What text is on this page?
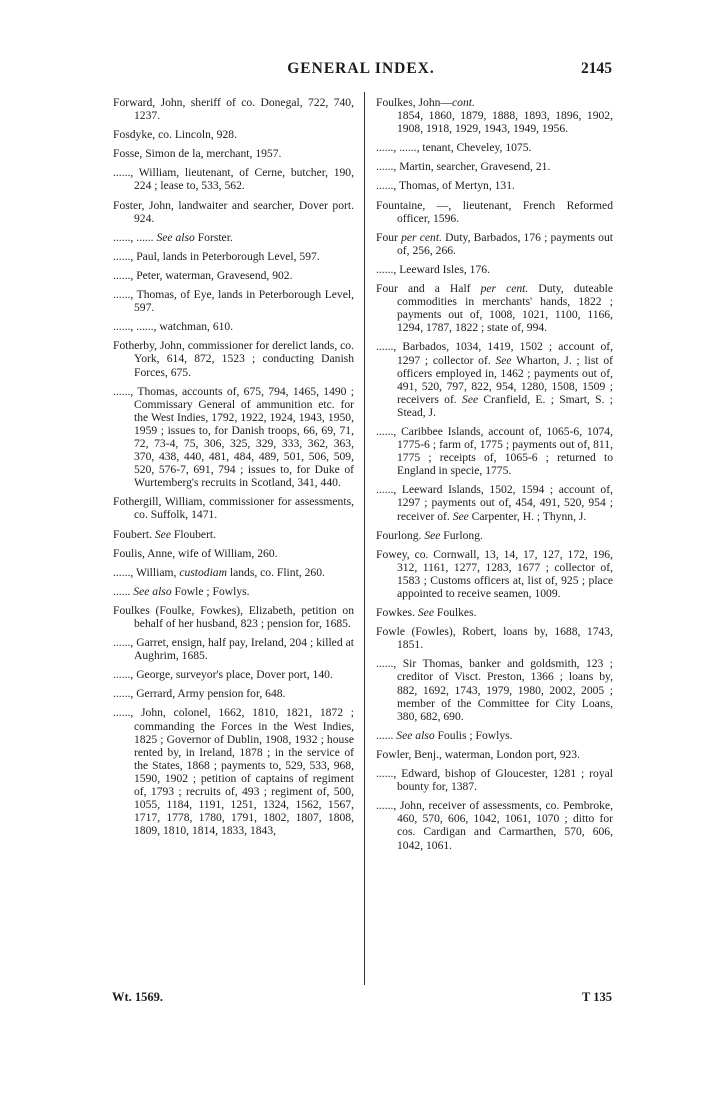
GENERAL INDEX.	2145

Forward, John, sheriff of co. Donegal, 722, 740, 1237.

Fosdyke, co. Lincoln, 928.

Fosse, Simon de la, merchant, 1957.

......, William, lieutenant, of Cerne, butcher, 190, 224 ; lease to, 533, 562.

Foster, John, landwaiter and searcher, Dover port. 924.

......, ...... See also Forster.

......, Paul, lands in Peterborough Level, 597.

......, Peter, waterman, Gravesend, 902.

......, Thomas, of Eye, lands in Peterborough Level, 597.

......, ......, watchman, 610.

Fotherby, John, commissioner for derelict lands, co. York, 614, 872, 1523 ; conducting Danish Forces, 675.

......, Thomas, accounts of, 675, 794, 1465, 1490 ; Commissary General of ammunition etc. for the West Indies, 1792, 1922, 1924, 1943, 1950, 1959 ; issues to, for Danish troops, 66, 69, 71, 72, 73-4, 75, 306, 325, 329, 333, 362, 363, 370, 438, 440, 481, 484, 489, 501, 506, 509, 520, 576-7, 691, 794 ; issues to, for Duke of Wurtemberg's recruits in Scotland, 341, 440.

Fothergill, William, commissioner for assessments, co. Suffolk, 1471.

Foubert. See Floubert.

Foulis, Anne, wife of William, 260.

......, William, custodiam lands, co. Flint, 260.

...... See also Fowle ; Fowlys.

Foulkes (Foulke, Fowkes), Elizabeth, petition on behalf of her husband, 823 ; pension for, 1685.

......, Garret, ensign, half pay, Ireland, 204 ; killed at Aughrim, 1685.

......, George, surveyor's place, Dover port, 140.

......, Gerrard, Army pension for, 648.

......, John, colonel, 1662, 1810, 1821, 1872 ; commanding the Forces in the West Indies, 1825 ; Governor of Dublin, 1908, 1932 ; house rented by, in Ireland, 1878 ; in the service of the States, 1868 ; payments to, 529, 533, 968, 1590, 1902 ; petition of captains of regiment of, 1793 ; recruits of, 493 ; regiment of, 500, 1055, 1184, 1191, 1251, 1324, 1562, 1567, 1717, 1778, 1780, 1791, 1802, 1807, 1808, 1809, 1810, 1814, 1833, 1843,

Foulkes, John—cont.

1854, 1860, 1879, 1888, 1893, 1896, 1902, 1908, 1918, 1929, 1943, 1949, 1956.

......, ......, tenant, Cheveley, 1075.

......, Martin, searcher, Gravesend, 21.

......, Thomas, of Mertyn, 131.

Fountaine, —, lieutenant, French Reformed officer, 1596.

Four per cent. Duty, Barbados, 176 ; payments out of, 256, 266.

......, Leeward Isles, 176.

Four and a Half per cent. Duty, duteable commodities in merchants' hands, 1822 ; payments out of, 1008, 1021, 1100, 1166, 1294, 1787, 1822 ; state of, 994.

......, Barbados, 1034, 1419, 1502 ; account of, 1297 ; collector of. See Wharton, J. ; list of officers employed in, 1462 ; payments out of, 491, 520, 797, 822, 954, 1280, 1508, 1509 ; receivers of. See Cranfield, E. ; Smart, S. ; Stead, J.

......, Caribbee Islands, account of, 1065-6, 1074, 1775-6 ; farm of, 1775 ; payments out of, 811, 1775 ; receipts of, 1065-6 ; returned to England in specie, 1775.

......, Leeward Islands, 1502, 1594 ; account of, 1297 ; payments out of, 454, 491, 520, 954 ; receiver of. See Carpenter, H. ; Thynn, J.

Fourlong. See Furlong.

Fowey, co. Cornwall, 13, 14, 17, 127, 172, 196, 312, 1161, 1277, 1283, 1677 ; collector of, 1583 ; Customs officers at, list of, 925 ; place appointed to receive seamen, 1009.

Fowkes. See Foulkes.

Fowle (Fowles), Robert, loans by, 1688, 1743, 1851.

......, Sir Thomas, banker and goldsmith, 123 ; creditor of Visct. Preston, 1366 ; loans by, 882, 1692, 1743, 1979, 1980, 2002, 2005 ; member of the Committee for City Loans, 380, 682, 690.

...... See also Foulis ; Fowlys.

Fowler, Benj., waterman, London port, 923.

......, Edward, bishop of Gloucester, 1281 ; royal bounty for, 1387.

......, John, receiver of assessments, co. Pembroke, 460, 570, 606, 1042, 1061, 1070 ; ditto for cos. Cardigan and Carmarthen, 570, 606, 1042, 1061.

Wt. 1569.	T 135
